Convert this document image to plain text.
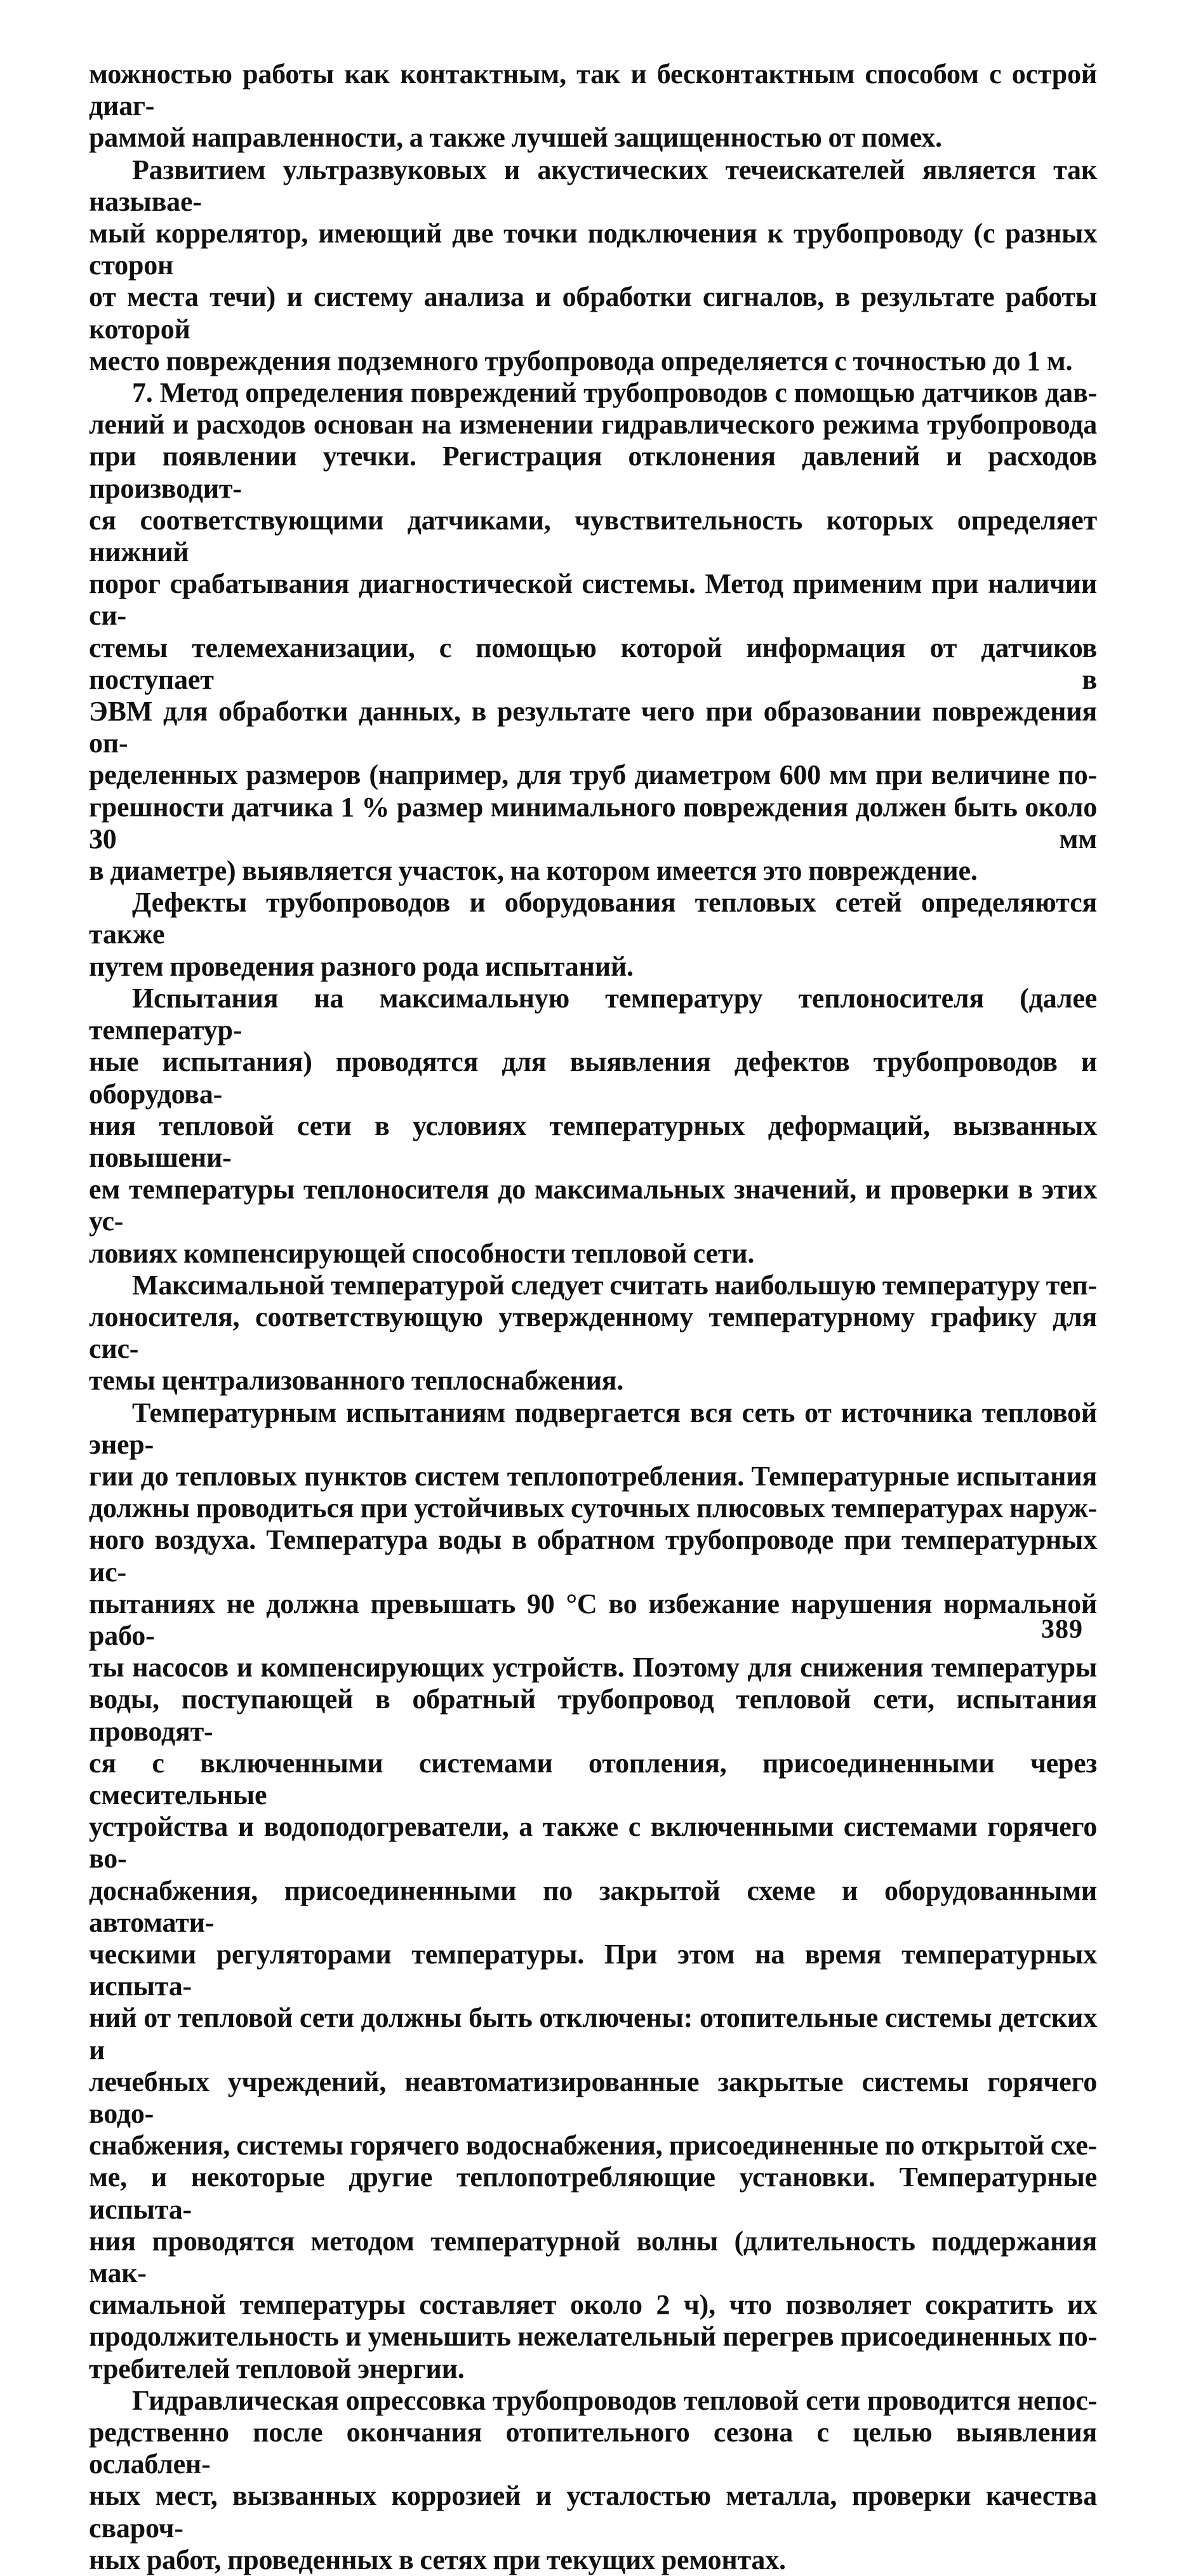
можностью работы как контактным, так и бесконтактным способом с острой диаг-
раммой направленности, а также лучшей защищенностью от помех.

Развитием ультразвуковых и акустических течеискателей является так называе-
мый коррелятор, имеющий две точки подключения к трубопроводу (с разных сторон
от места течи) и систему анализа и обработки сигналов, в результате работы которой
место повреждения подземного трубопровода определяется с точностью до 1 м.

7. Метод определения повреждений трубопроводов с помощью датчиков дав-
лений и расходов основан на изменении гидравлического режима трубопровода
при появлении утечки. Регистрация отклонения давлений и расходов производит-
ся соответствующими датчиками, чувствительность которых определяет нижний
порог срабатывания диагностической системы. Метод применим при наличии си-
стемы телемеханизации, с помощью которой информация от датчиков поступает в
ЭВМ для обработки данных, в результате чего при образовании повреждения оп-
ределенных размеров (например, для труб диаметром 600 мм при величине по-
грешности датчика 1 % размер минимального повреждения должен быть около 30 мм
в диаметре) выявляется участок, на котором имеется это повреждение.

Дефекты трубопроводов и оборудования тепловых сетей определяются также
путем проведения разного рода испытаний.

Испытания на максимальную температуру теплоносителя (далее температур-
ные испытания) проводятся для выявления дефектов трубопроводов и оборудова-
ния тепловой сети в условиях температурных деформаций, вызванных повышени-
ем температуры теплоносителя до максимальных значений, и проверки в этих ус-
ловиях компенсирующей способности тепловой сети.

Максимальной температурой следует считать наибольшую температуру теп-
лоносителя, соответствующую утвержденному температурному графику для сис-
темы централизованного теплоснабжения.

Температурным испытаниям подвергается вся сеть от источника тепловой энер-
гии до тепловых пунктов систем теплопотребления. Температурные испытания
должны проводиться при устойчивых суточных плюсовых температурах наруж-
ного воздуха. Температура воды в обратном трубопроводе при температурных ис-
пытаниях не должна превышать 90 °С во избежание нарушения нормальной рабо-
ты насосов и компенсирующих устройств. Поэтому для снижения температуры
воды, поступающей в обратный трубопровод тепловой сети, испытания проводят-
ся с включенными системами отопления, присоединенными через смесительные
устройства и водоподогреватели, а также с включенными системами горячего во-
доснабжения, присоединенными по закрытой схеме и оборудованными автомати-
ческими регуляторами температуры. При этом на время температурных испыта-
ний от тепловой сети должны быть отключены: отопительные системы детских и
лечебных учреждений, неавтоматизированные закрытые системы горячего водо-
снабжения, системы горячего водоснабжения, присоединенные по открытой схе-
ме, и некоторые другие теплопотребляющие установки. Температурные испыта-
ния проводятся методом температурной волны (длительность поддержания мак-
симальной температуры составляет около 2 ч), что позволяет сократить их
продолжительность и уменьшить нежелательный перегрев присоединенных по-
требителей тепловой энергии.

Гидравлическая опрессовка трубопроводов тепловой сети проводится непос-
редственно после окончания отопительного сезона с целью выявления ослаблен-
ных мест, вызванных коррозией и усталостью металла, проверки качества свароч-
ных работ, проведенных в сетях при текущих ремонтах.

389
